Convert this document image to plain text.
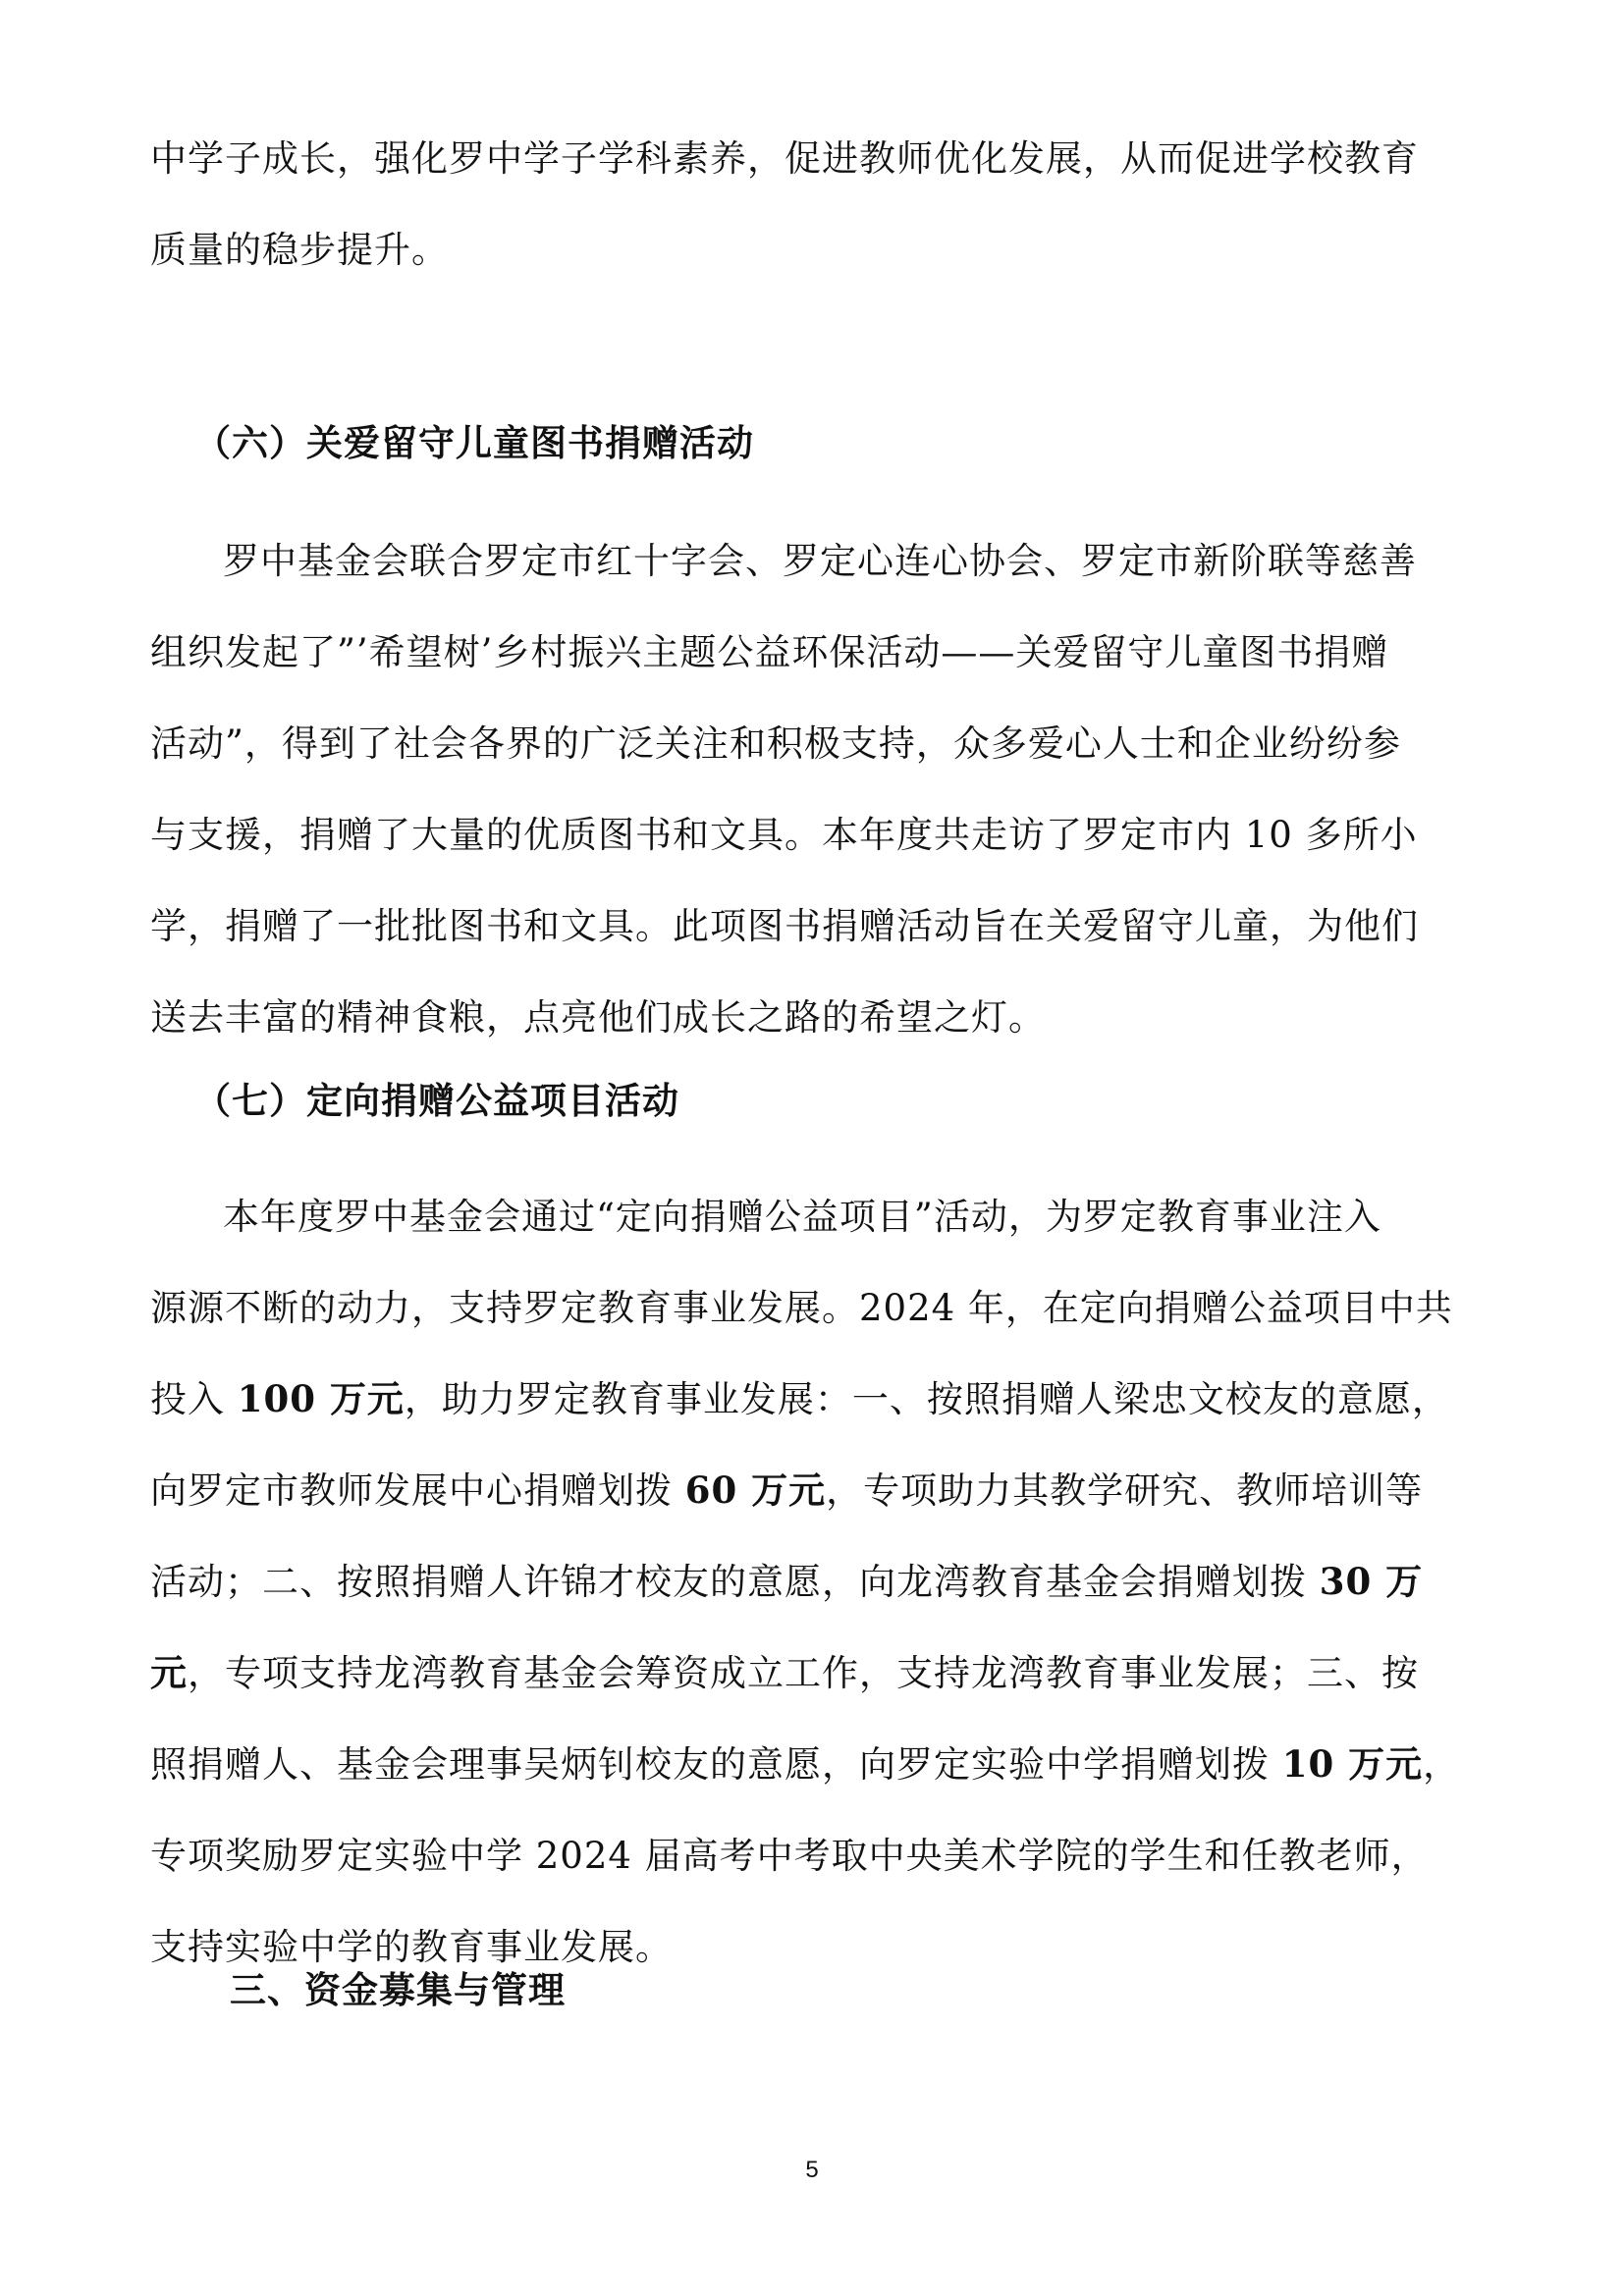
中学子成长，强化罗中学子学科素养，促进教师优化发展，从而促进学校教育
质量的稳步提升。

（六）关爱留守儿童图书捐赠活动

罗中基金会联合罗定市红十字会、罗定心连心协会、罗定市新阶联等慈善
组织发起了”’希望树’乡村振兴主题公益环保活动——关爱留守儿童图书捐赠
活动”，得到了社会各界的广泛关注和积极支持，众多爱心人士和企业纷纷参
与支援，捐赠了大量的优质图书和文具。本年度共走访了罗定市内 10 多所小
学，捐赠了一批批图书和文具。此项图书捐赠活动旨在关爱留守儿童，为他们
送去丰富的精神食粮，点亮他们成长之路的希望之灯。

（七）定向捐赠公益项目活动

本年度罗中基金会通过“定向捐赠公益项目”活动，为罗定教育事业注入
源源不断的动力，支持罗定教育事业发展。2024 年，在定向捐赠公益项目中共
投入 100 万元，助力罗定教育事业发展：一、按照捐赠人梁忠文校友的意愿，
向罗定市教师发展中心捐赠划拨 60 万元，专项助力其教学研究、教师培训等
活动；二、按照捐赠人许锦才校友的意愿，向龙湾教育基金会捐赠划拨 30 万
元，专项支持龙湾教育基金会筹资成立工作，支持龙湾教育事业发展；三、按
照捐赠人、基金会理事吴炳钊校友的意愿，向罗定实验中学捐赠划拨 10 万元，
专项奖励罗定实验中学 2024 届高考中考取中央美术学院的学生和任教老师，
支持实验中学的教育事业发展。

三、资金募集与管理
5
